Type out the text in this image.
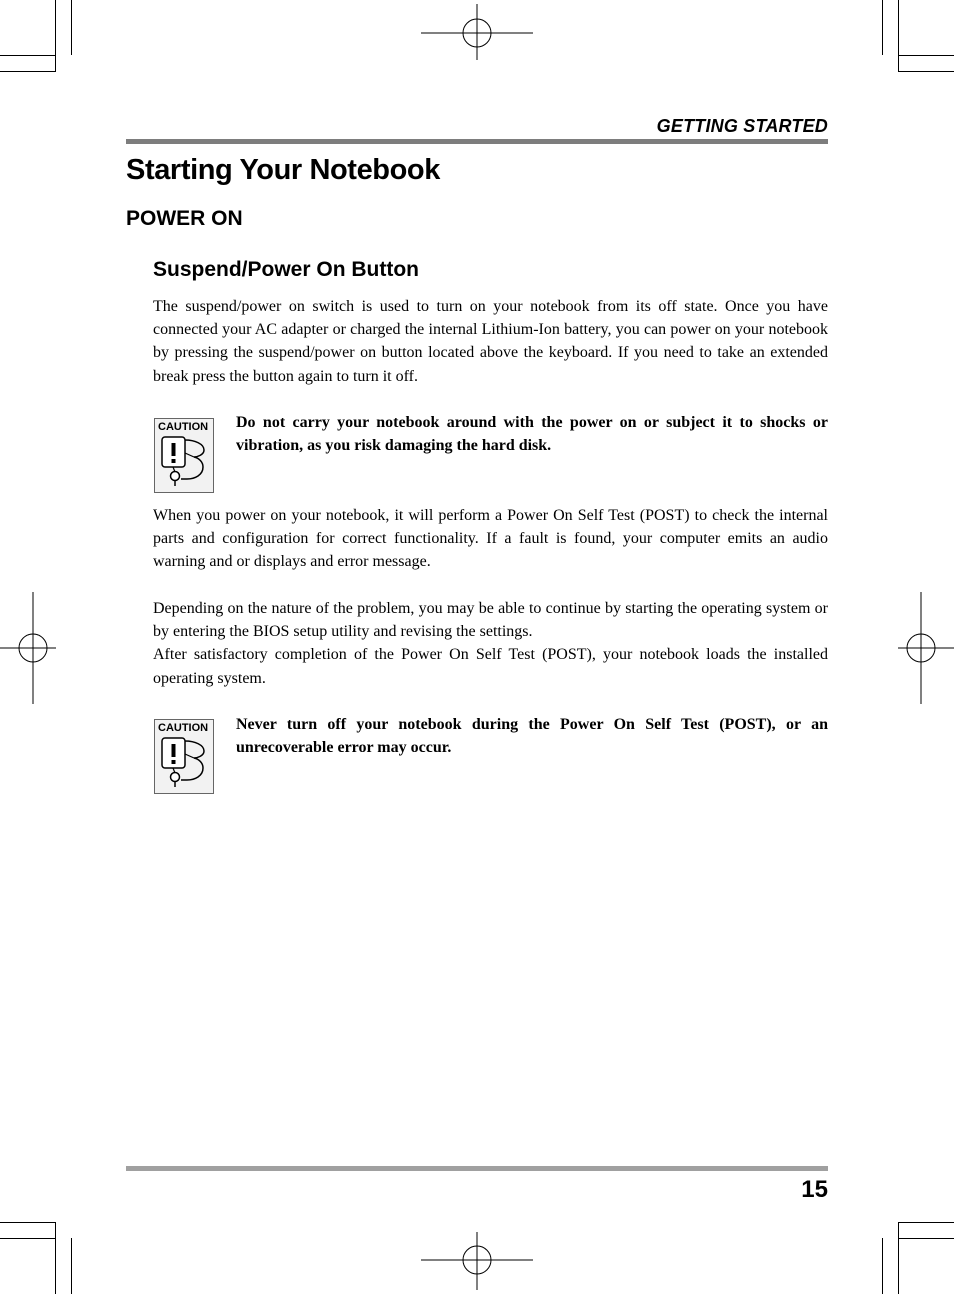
GETTING STARTED
Starting Your Notebook
POWER ON
Suspend/Power On Button

The suspend/power on switch is used to turn on your notebook from its off state. Once you have connected your AC adapter or charged the internal Lithium-Ion battery, you can power on your notebook by pressing the suspend/power on button located above the keyboard. If you need to take an extended break press the button again to turn it off.

CAUTION Do not carry your notebook around with the power on or subject it to shocks or vibration, as you risk damaging the hard disk.

When you power on your notebook, it will perform a Power On Self Test (POST) to check the internal parts and configuration for correct functionality. If a fault is found, your computer emits an audio warning and or displays and error message.

Depending on the nature of the problem, you may be able to continue by starting the operating system or by entering the BIOS setup utility and revising the settings.
After satisfactory completion of the Power On Self Test (POST), your notebook loads the installed operating system.

CAUTION Never turn off your notebook during the Power On Self Test (POST), or an unrecoverable error may occur.

15
